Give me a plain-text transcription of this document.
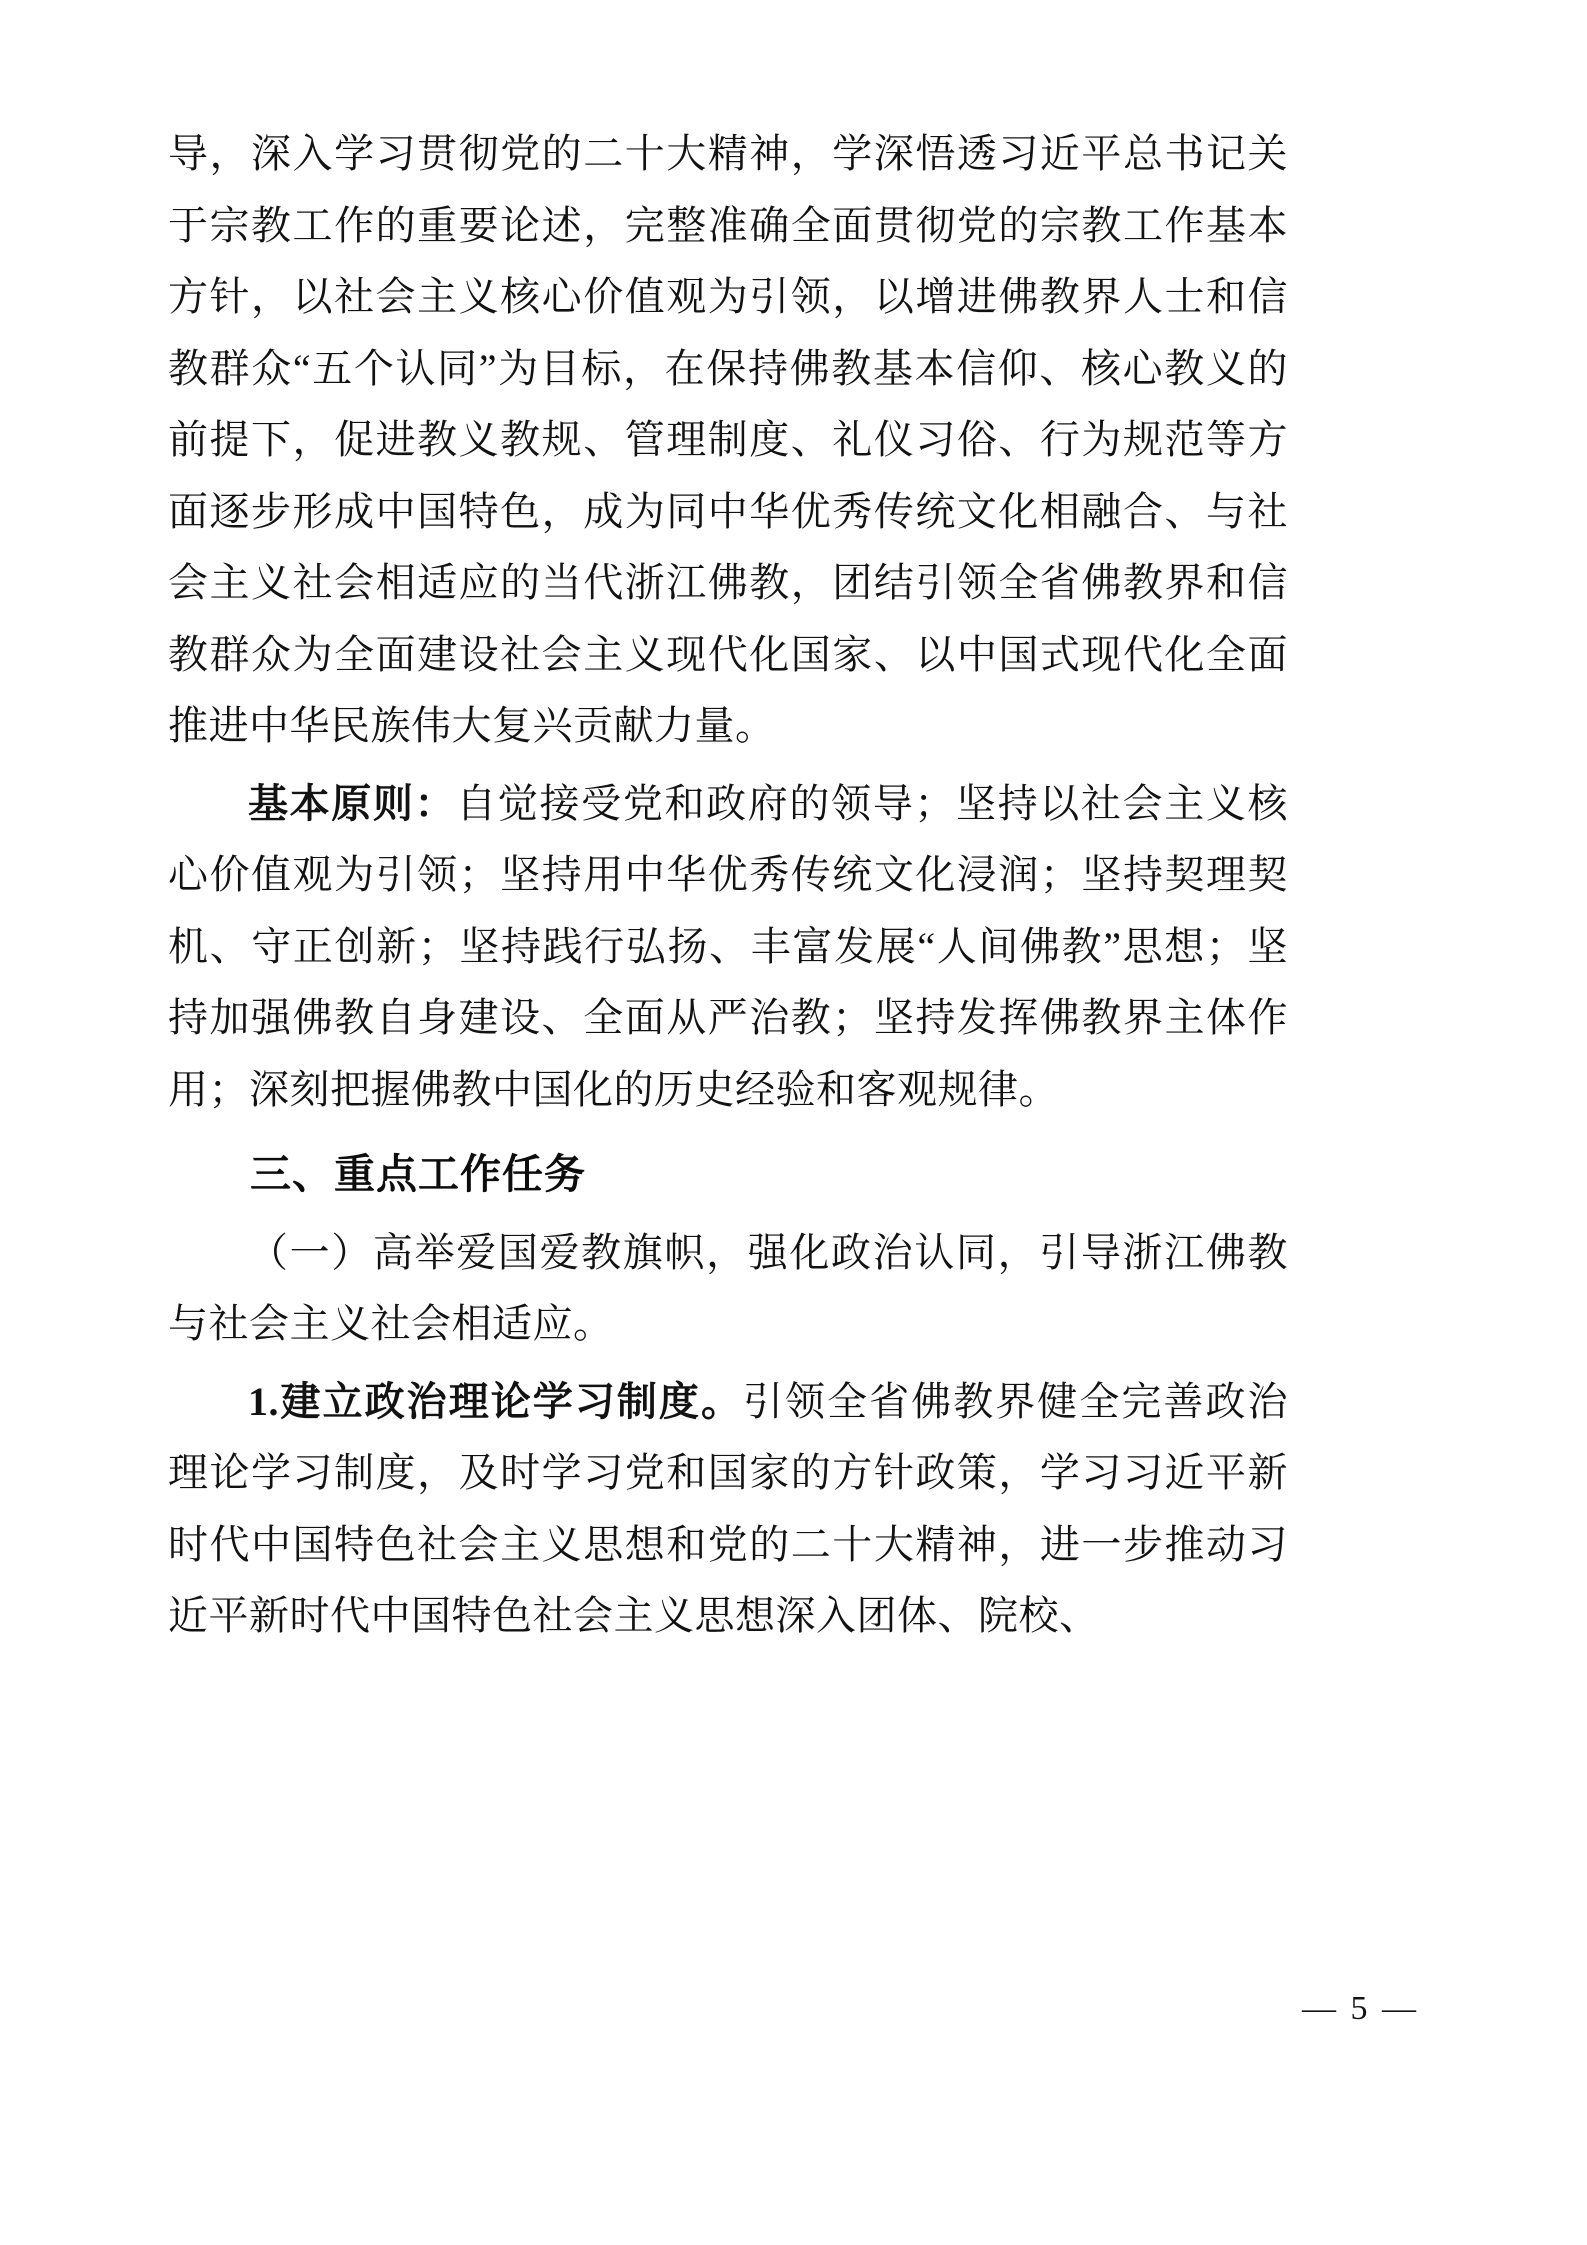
导，深入学习贯彻党的二十大精神，学深悟透习近平总书记关于宗教工作的重要论述，完整准确全面贯彻党的宗教工作基本方针，以社会主义核心价值观为引领，以增进佛教界人士和信教群众“五个认同”为目标，在保持佛教基本信仰、核心教义的前提下，促进教义教规、管理制度、礼仪习俗、行为规范等方面逐步形成中国特色，成为同中华优秀传统文化相融合、与社会主义社会相适应的当代浙江佛教，团结引领全省佛教界和信教群众为全面建设社会主义现代化国家、以中国式现代化全面推进中华民族伟大复兴贡献力量。

基本原则：自觉接受党和政府的领导；坚持以社会主义核心价值观为引领；坚持用中华优秀传统文化浸润；坚持契理契机、守正创新；坚持践行弘扬、丰富发展“人间佛教”思想；坚持加强佛教自身建设、全面从严治教；坚持发挥佛教界主体作用；深刻把握佛教中国化的历史经验和客观规律。

三、重点工作任务

（一）高举爱国爱教旗帜，强化政治认同，引导浙江佛教与社会主义社会相适应。

1.建立政治理论学习制度。引领全省佛教界健全完善政治理论学习制度，及时学习党和国家的方针政策，学习习近平新时代中国特色社会主义思想和党的二十大精神，进一步推动习近平新时代中国特色社会主义思想深入团体、院校、

— 5 —
